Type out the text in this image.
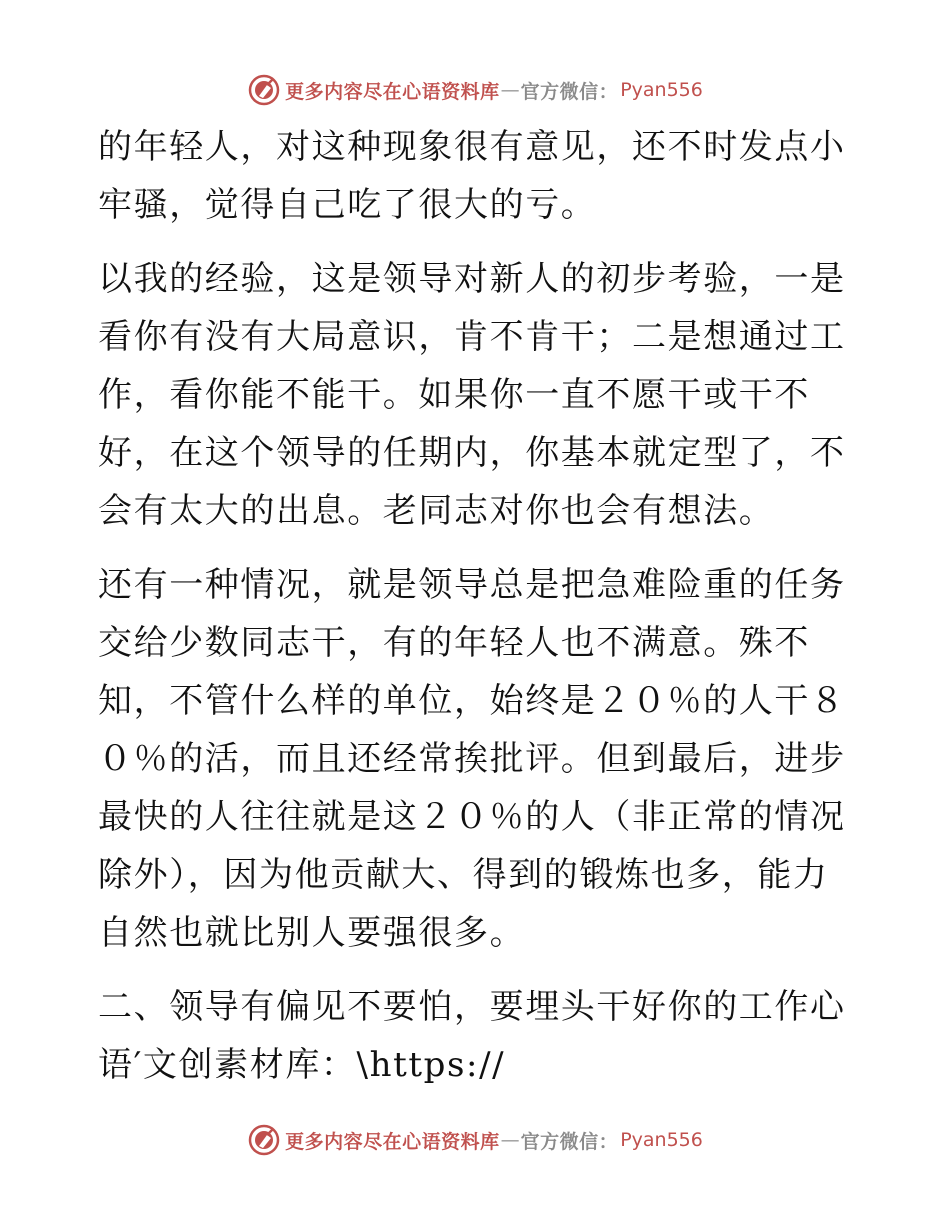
更多内容尽在心语资料库 — 官方微信： Pyan556

的年轻人，对这种现象很有意见，还不时发点小牢骚，觉得自己吃了很大的亏。

以我的经验，这是领导对新人的初步考验，一是看你有没有大局意识，肯不肯干；二是想通过工作，看你能不能干。如果你一直不愿干或干不好，在这个领导的任期内，你基本就定型了，不会有太大的出息。老同志对你也会有想法。

还有一种情况，就是领导总是把急难险重的任务交给少数同志干，有的年轻人也不满意。殊不知，不管什么样的单位，始终是２０％的人干８０％的活，而且还经常挨批评。但到最后，进步最快的人往往就是这２０％的人（非正常的情况除外），因为他贡献大、得到的锻炼也多，能力自然也就比别人要强很多。

二、领导有偏见不要怕，要埋头干好你的工作心语′文创素材库：\https://

更多内容尽在心语资料库 — 官方微信： Pyan556
